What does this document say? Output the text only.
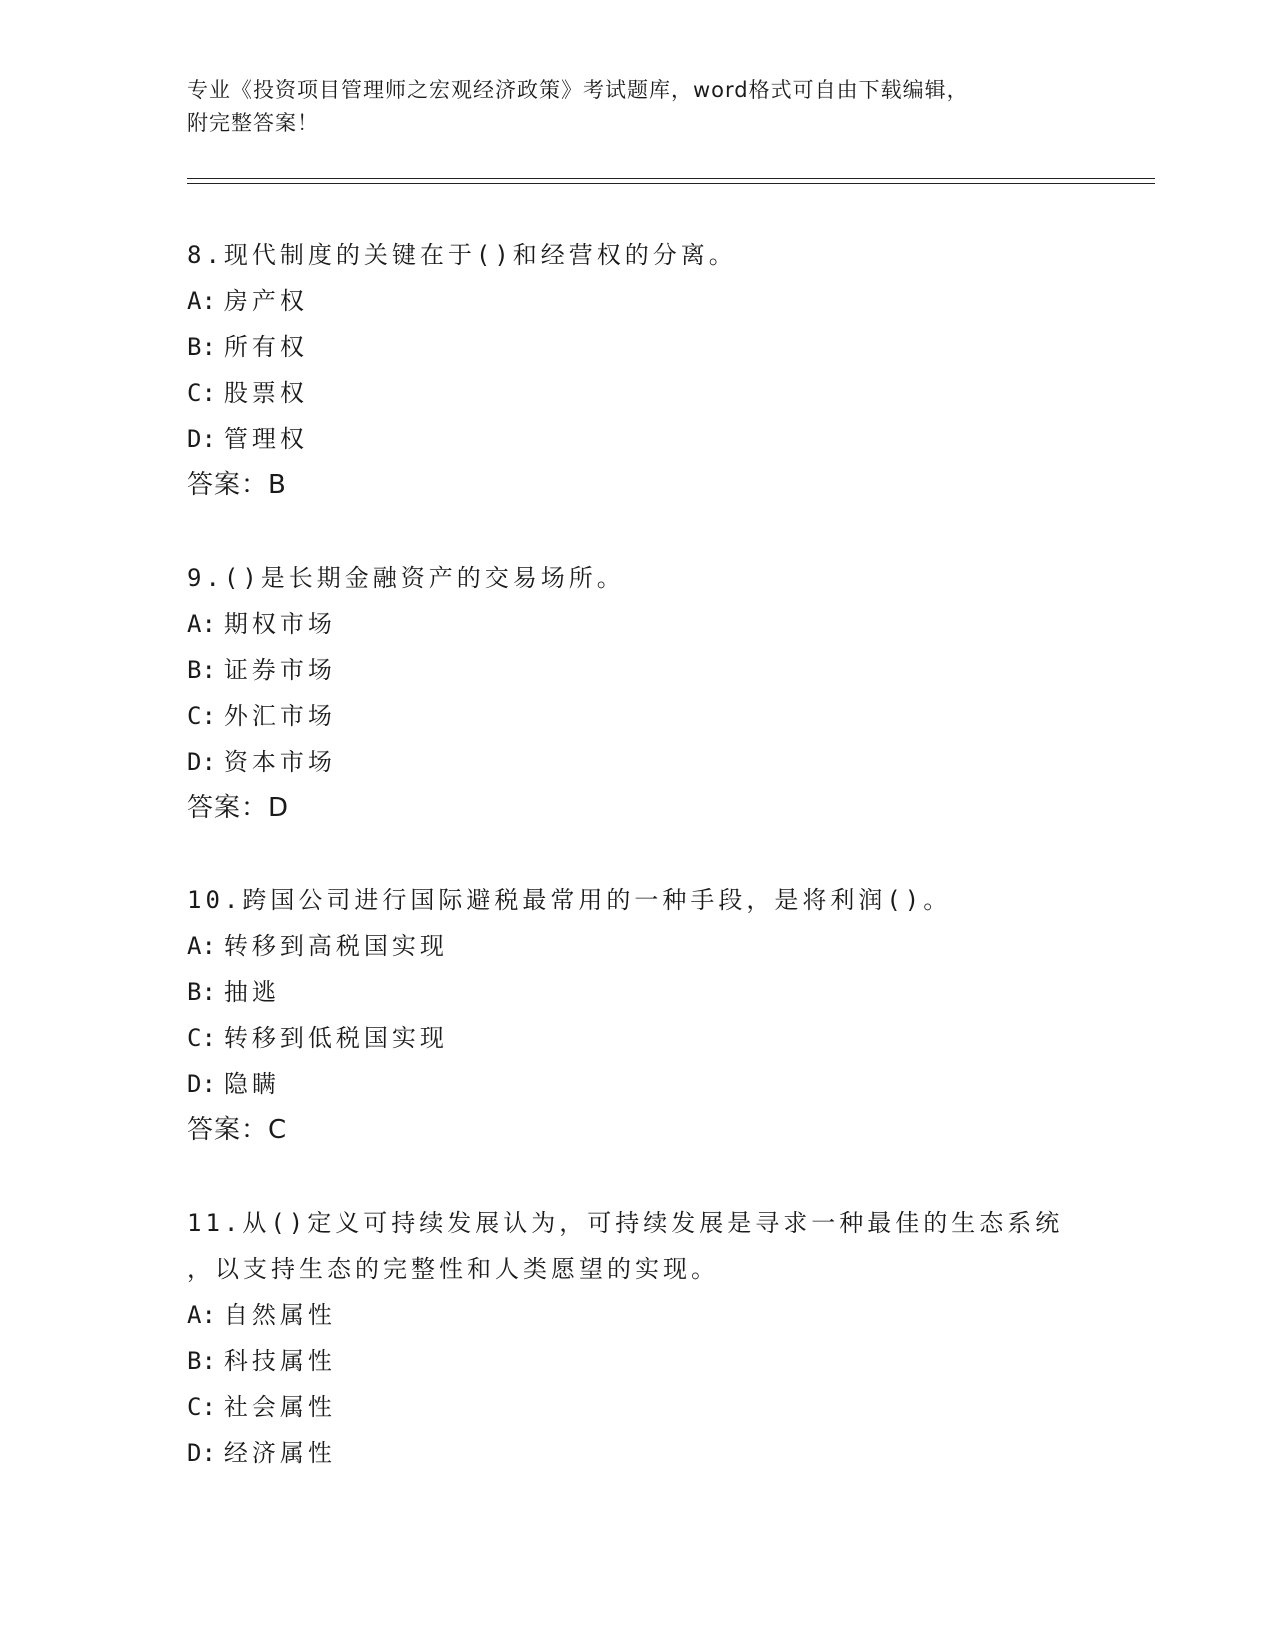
专业《投资项目管理师之宏观经济政策》考试题库，word格式可自由下载编辑，
附完整答案！
8.现代制度的关键在于()和经营权的分离。
A: 房产权
B: 所有权
C: 股票权
D: 管理权
答案：B
9.()是长期金融资产的交易场所。
A: 期权市场
B: 证券市场
C: 外汇市场
D: 资本市场
答案：D
10.跨国公司进行国际避税最常用的一种手段，是将利润()。
A: 转移到高税国实现
B: 抽逃
C: 转移到低税国实现
D: 隐瞒
答案：C
11.从()定义可持续发展认为，可持续发展是寻求一种最佳的生态系统
，以支持生态的完整性和人类愿望的实现。
A: 自然属性
B: 科技属性
C: 社会属性
D: 经济属性
